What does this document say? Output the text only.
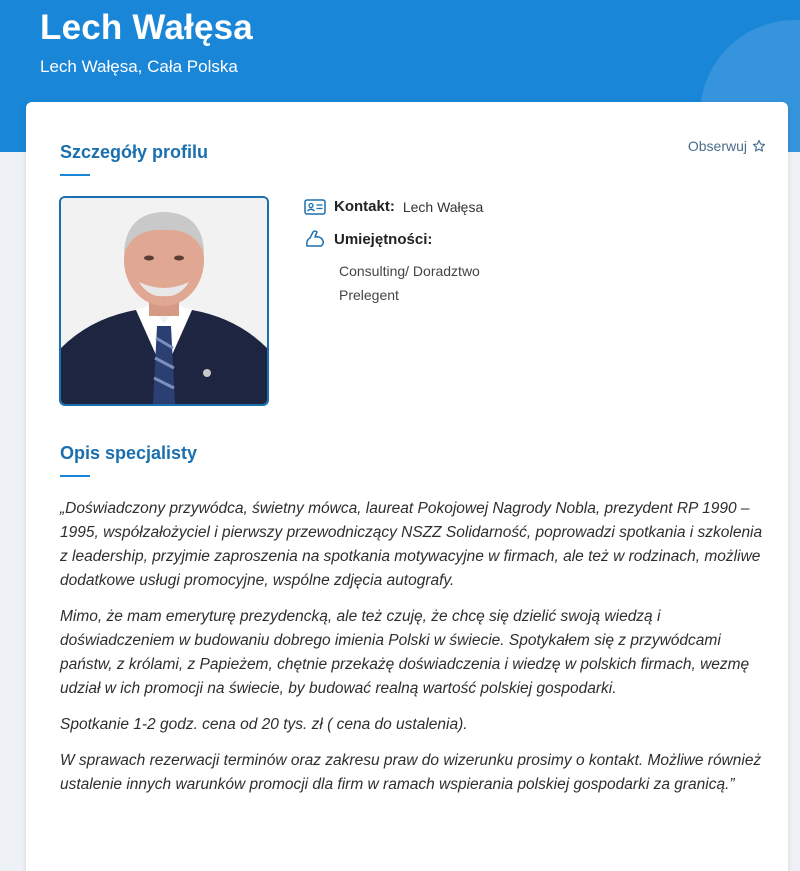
Lech Wałęsa
Lech Wałęsa, Cała Polska
Szczegóły profilu	Obserwuj
Kontakt: Lech Wałęsa
Umiejętności:
Consulting/ Doradztwo
Prelegent
Opis specjalisty

„Doświadczony przywódca, świetny mówca, laureat Pokojowej Nagrody Nobla, prezydent RP 1990 – 1995, współzałożyciel i pierwszy przewodniczący NSZZ Solidarność, poprowadzi spotkania i szkolenia z leadership, przyjmie zaproszenia na spotkania motywacyjne w firmach, ale też w rodzinach, możliwe dodatkowe usługi promocyjne, wspólne zdjęcia autografy.

Mimo, że mam emeryturę prezydencką, ale też czuję, że chcę się dzielić swoją wiedzą i doświadczeniem w budowaniu dobrego imienia Polski w świecie. Spotykałem się z przywódcami państw, z królami, z Papieżem, chętnie przekażę doświadczenia i wiedzę w polskich firmach, wezmę udział w ich promocji na świecie, by budować realną wartość polskiej gospodarki.

Spotkanie 1-2 godz. cena od 20 tys. zł ( cena do ustalenia).

W sprawach rezerwacji terminów oraz zakresu praw do wizerunku prosimy o kontakt. Możliwe również ustalenie innych warunków promocji dla firm w ramach wspierania polskiej gospodarki za granicą.”
